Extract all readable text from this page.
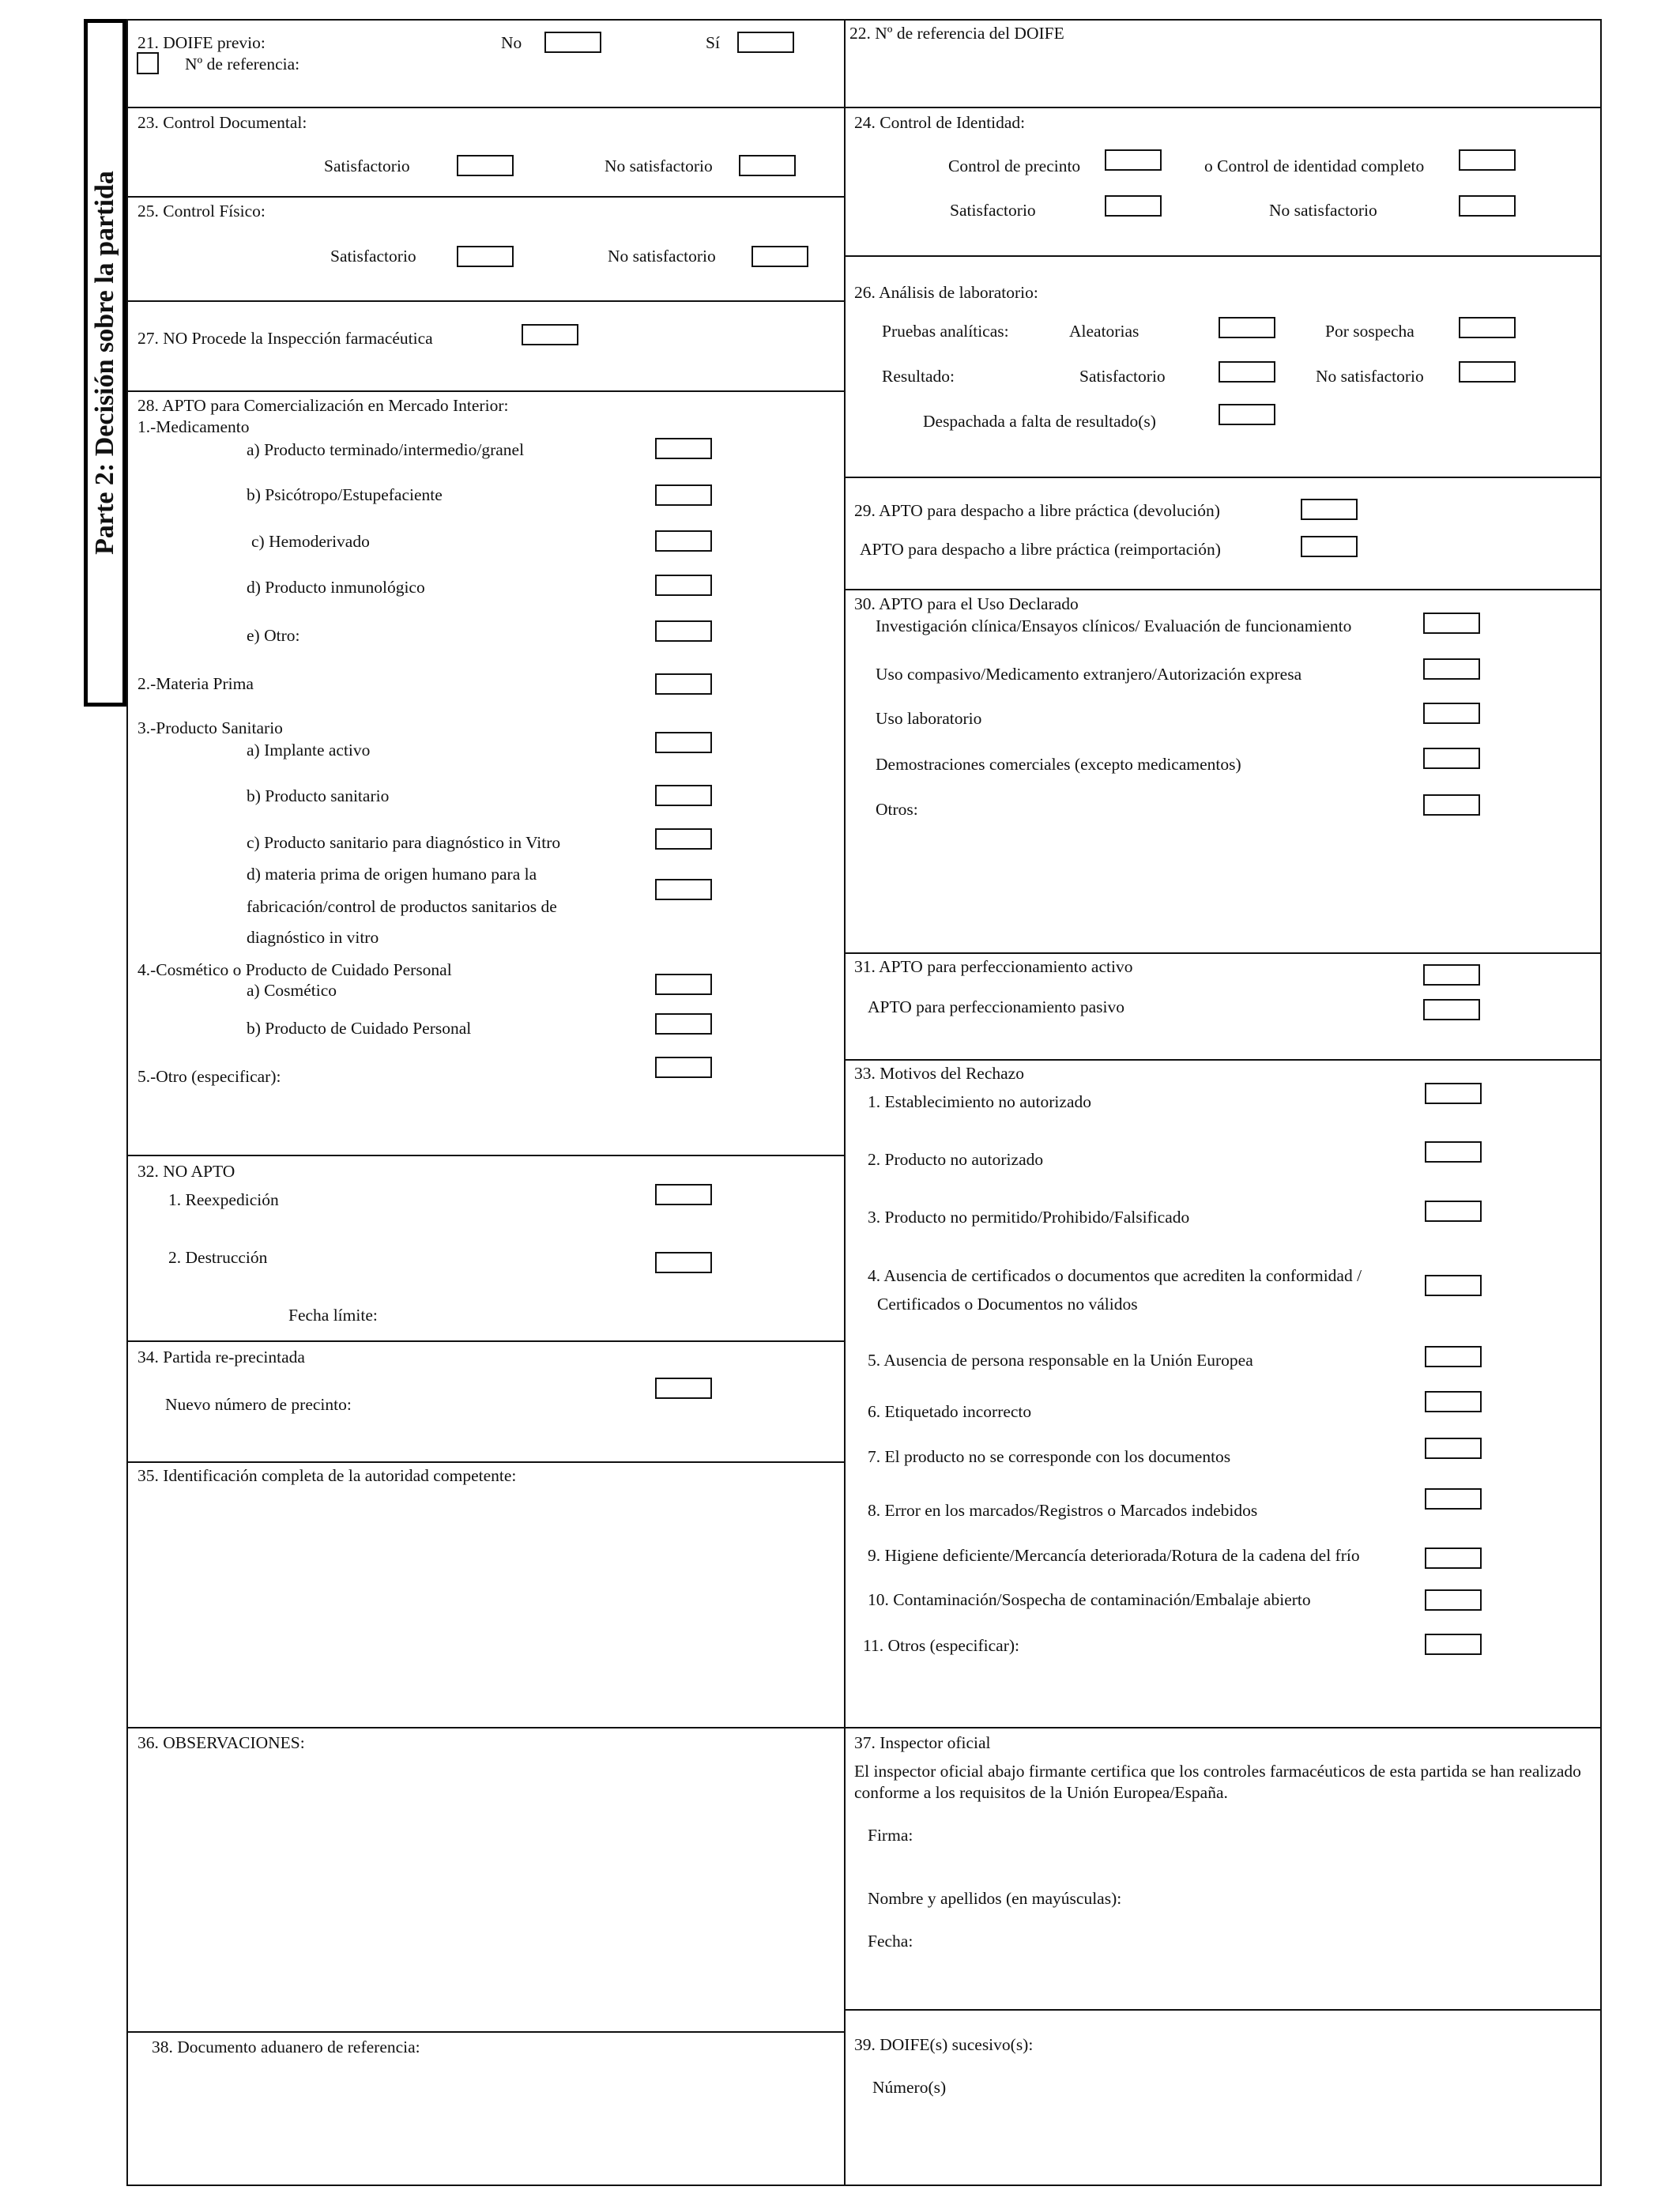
Parte 2: Decisión sobre la partida
21. DOIFE previo:	No	Sí
Nº de referencia:
22. Nº de referencia del DOIFE
23. Control Documental:
Satisfactorio	No satisfactorio
24. Control de Identidad:
Control de precinto	o Control de identidad completo
Satisfactorio	No satisfactorio
25. Control Físico:
Satisfactorio	No satisfactorio
26. Análisis de laboratorio:
Pruebas analíticas:	Aleatorias	Por sospecha
Resultado:	Satisfactorio	No satisfactorio
Despachada a falta de resultado(s)
27. NO Procede la Inspección farmacéutica
28. APTO para Comercialización en Mercado Interior:
1.-Medicamento
a) Producto terminado/intermedio/granel
b) Psicótropo/Estupefaciente
c) Hemoderivado
d) Producto inmunológico
e) Otro:
2.-Materia Prima
3.-Producto Sanitario
a) Implante activo
b) Producto sanitario
c) Producto sanitario para diagnóstico in Vitro
d) materia prima de origen humano para la
fabricación/control de productos sanitarios de
diagnóstico in vitro
4.-Cosmético o Producto de Cuidado Personal
a) Cosmético
b) Producto de Cuidado Personal
5.-Otro (especificar):
29. APTO para despacho a libre práctica (devolución)
APTO para despacho a libre práctica (reimportación)
30. APTO para el Uso Declarado
Investigación clínica/Ensayos clínicos/ Evaluación de funcionamiento
Uso compasivo/Medicamento extranjero/Autorización expresa
Uso laboratorio
Demostraciones comerciales (excepto medicamentos)
Otros:
31. APTO para perfeccionamiento activo
APTO para perfeccionamiento pasivo
32. NO APTO
1. Reexpedición
2. Destrucción
Fecha límite:
33. Motivos del Rechazo
1. Establecimiento no autorizado
2. Producto no autorizado
3. Producto no permitido/Prohibido/Falsificado
4. Ausencia de certificados o documentos que acrediten la conformidad /
Certificados o Documentos no válidos
5. Ausencia de persona responsable en la Unión Europea
6. Etiquetado incorrecto
7. El producto no se corresponde con los documentos
8. Error en los marcados/Registros o Marcados indebidos
9. Higiene deficiente/Mercancía deteriorada/Rotura de la cadena del frío
10. Contaminación/Sospecha de contaminación/Embalaje abierto
11. Otros (especificar):
34. Partida re-precintada
Nuevo número de precinto:
35. Identificación completa de la autoridad competente:
36. OBSERVACIONES:	37. Inspector oficial
El inspector oficial abajo firmante certifica que los controles farmacéuticos de esta partida se han realizado conforme a los requisitos de la Unión Europea/España.
Firma:
Nombre y apellidos (en mayúsculas):
Fecha:
38. Documento aduanero de referencia:	39. DOIFE(s) sucesivo(s):
Número(s)
